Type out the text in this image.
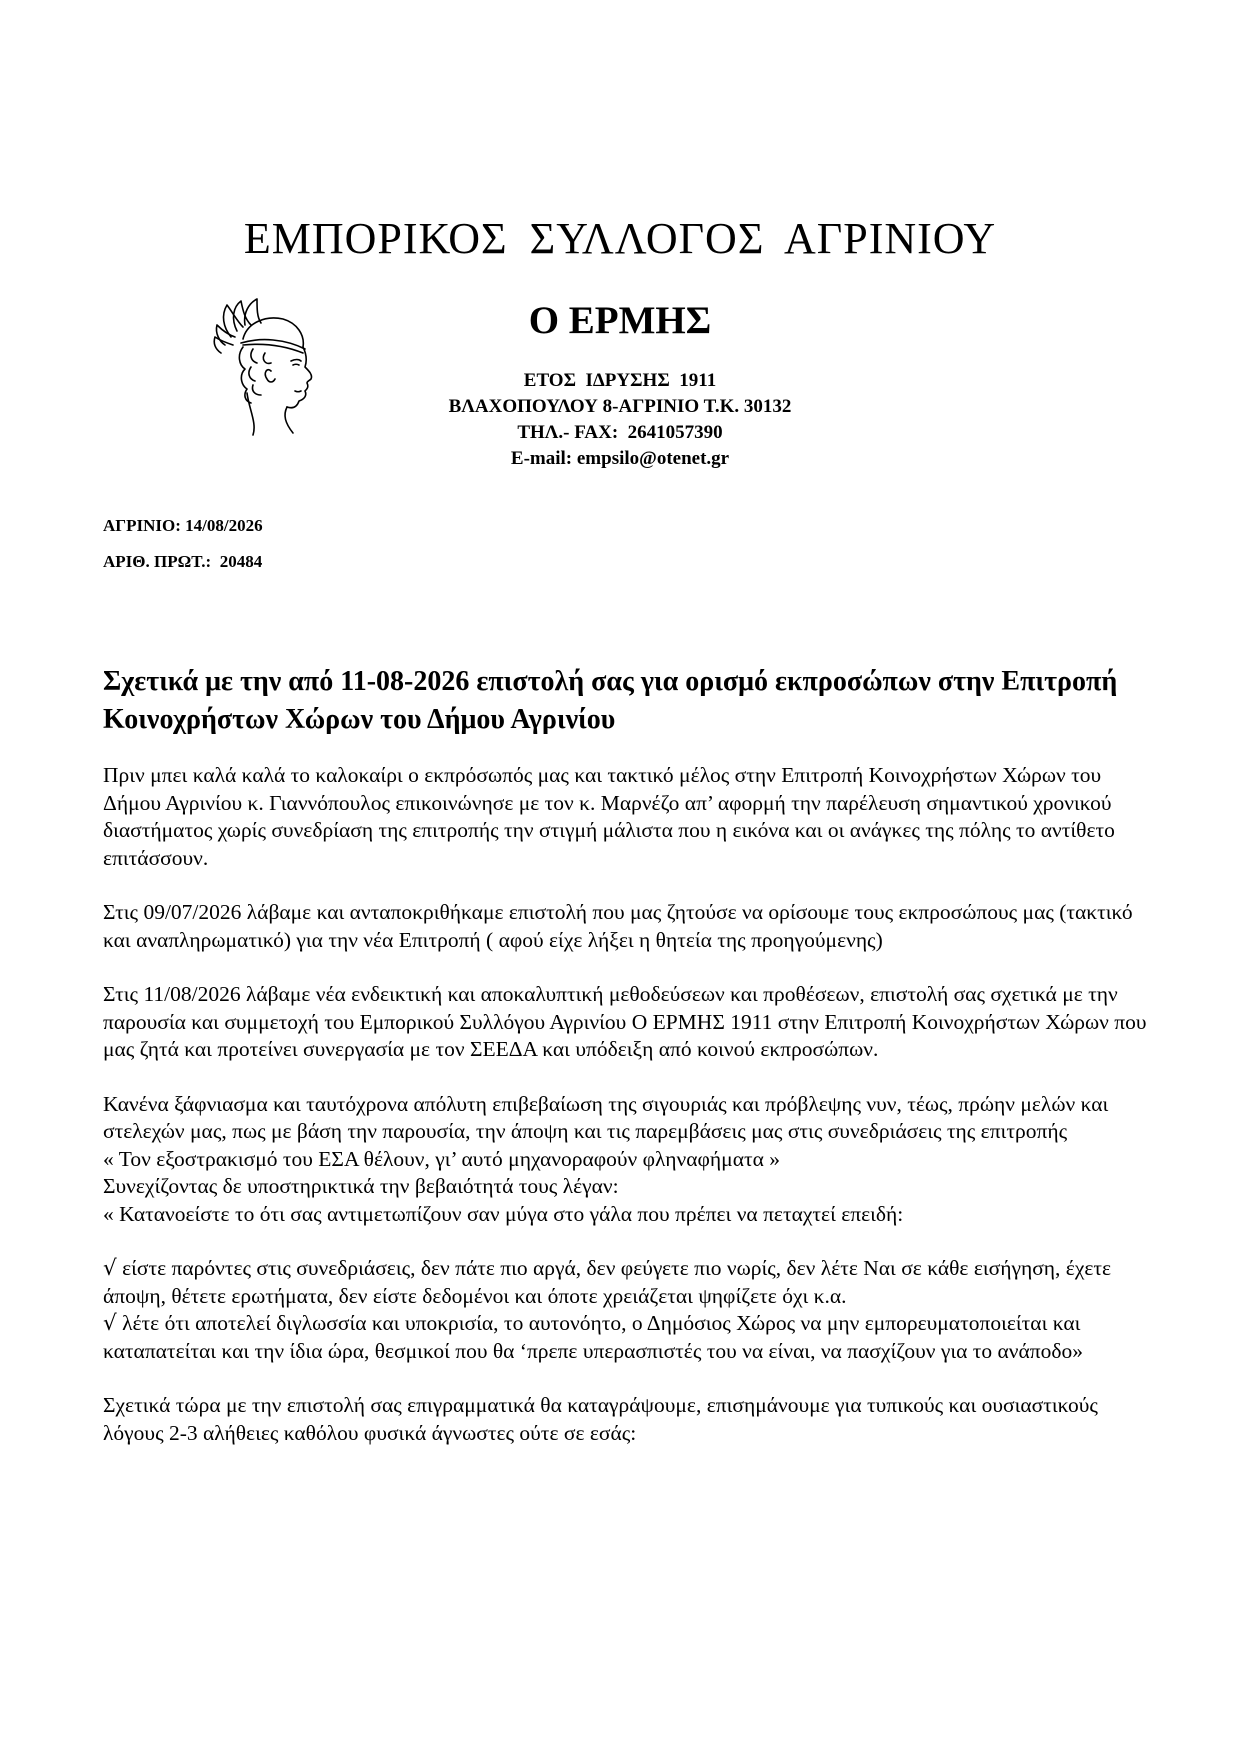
ΕΜΠΟΡΙΚΟΣ ΣΥΛΛΟΓΟΣ ΑΓΡΙΝΙΟΥ
Ο ΕΡΜΗΣ
ΕΤΟΣ  ΙΔΡΥΣΗΣ  1911
ΒΛΑΧΟΠΟΥΛΟΥ 8-ΑΓΡΙΝΙΟ Τ.Κ. 30132
ΤΗΛ.- FAX:  2641057390
E-mail: empsilo@otenet.gr
ΑΓΡΙΝΙΟ: 14/08/2026
ΑΡΙΘ. ΠΡΩΤ.:  20484
Σχετικά με την από 11-08-2026 επιστολή σας για ορισμό εκπροσώπων στην Επιτροπή Κοινοχρήστων Χώρων του Δήμου Αγρινίου

Πριν μπει καλά καλά το καλοκαίρι ο εκπρόσωπός μας και τακτικό μέλος στην Επιτροπή Κοινοχρήστων Χώρων του Δήμου Αγρινίου κ. Γιαννόπουλος επικοινώνησε με τον κ. Μαρνέζο απ’ αφορμή την παρέλευση σημαντικού χρονικού διαστήματος χωρίς συνεδρίαση της επιτροπής την στιγμή μάλιστα που η εικόνα και οι ανάγκες της πόλης το αντίθετο επιτάσσουν.

Στις 09/07/2026 λάβαμε και ανταποκριθήκαμε επιστολή που μας ζητούσε να ορίσουμε τους εκπροσώπους μας (τακτικό και αναπληρωματικό) για την νέα Επιτροπή ( αφού είχε λήξει η θητεία της προηγούμενης)

Στις 11/08/2026 λάβαμε νέα ενδεικτική και αποκαλυπτική μεθοδεύσεων και προθέσεων, επιστολή σας σχετικά με την παρουσία και συμμετοχή του Εμπορικού Συλλόγου Αγρινίου Ο ΕΡΜΗΣ 1911 στην Επιτροπή Κοινοχρήστων Χώρων που μας ζητά και προτείνει συνεργασία με τον ΣΕΕΔΑ και υπόδειξη από κοινού εκπροσώπων.

Κανένα ξάφνιασμα και ταυτόχρονα απόλυτη επιβεβαίωση της σιγουριάς και πρόβλεψης νυν, τέως, πρώην μελών και στελεχών μας, πως με βάση την παρουσία, την άποψη και τις παρεμβάσεις μας στις συνεδριάσεις της επιτροπής
« Τον εξοστρακισμό του ΕΣΑ θέλουν, γι’ αυτό μηχανοραφούν φληναφήματα »
Συνεχίζοντας δε υποστηρικτικά την βεβαιότητά τους λέγαν:
« Κατανοείστε το ότι σας αντιμετωπίζουν σαν μύγα στο γάλα που πρέπει να πεταχτεί επειδή:

√ είστε παρόντες στις συνεδριάσεις, δεν πάτε πιο αργά, δεν φεύγετε πιο νωρίς, δεν λέτε Ναι σε κάθε εισήγηση, έχετε άποψη, θέτετε ερωτήματα, δεν είστε δεδομένοι και όποτε χρειάζεται ψηφίζετε όχι κ.α.
√ λέτε ότι αποτελεί διγλωσσία και υποκρισία, το αυτονόητο, ο Δημόσιος Χώρος να μην εμπορευματοποιείται και καταπατείται και την ίδια ώρα, θεσμικοί που θα ‘πρεπε υπερασπιστές του να είναι, να πασχίζουν για το ανάποδο»

Σχετικά τώρα με την επιστολή σας επιγραμματικά θα καταγράψουμε, επισημάνουμε για τυπικούς και ουσιαστικούς λόγους 2-3 αλήθειες καθόλου φυσικά άγνωστες ούτε σε εσάς:
